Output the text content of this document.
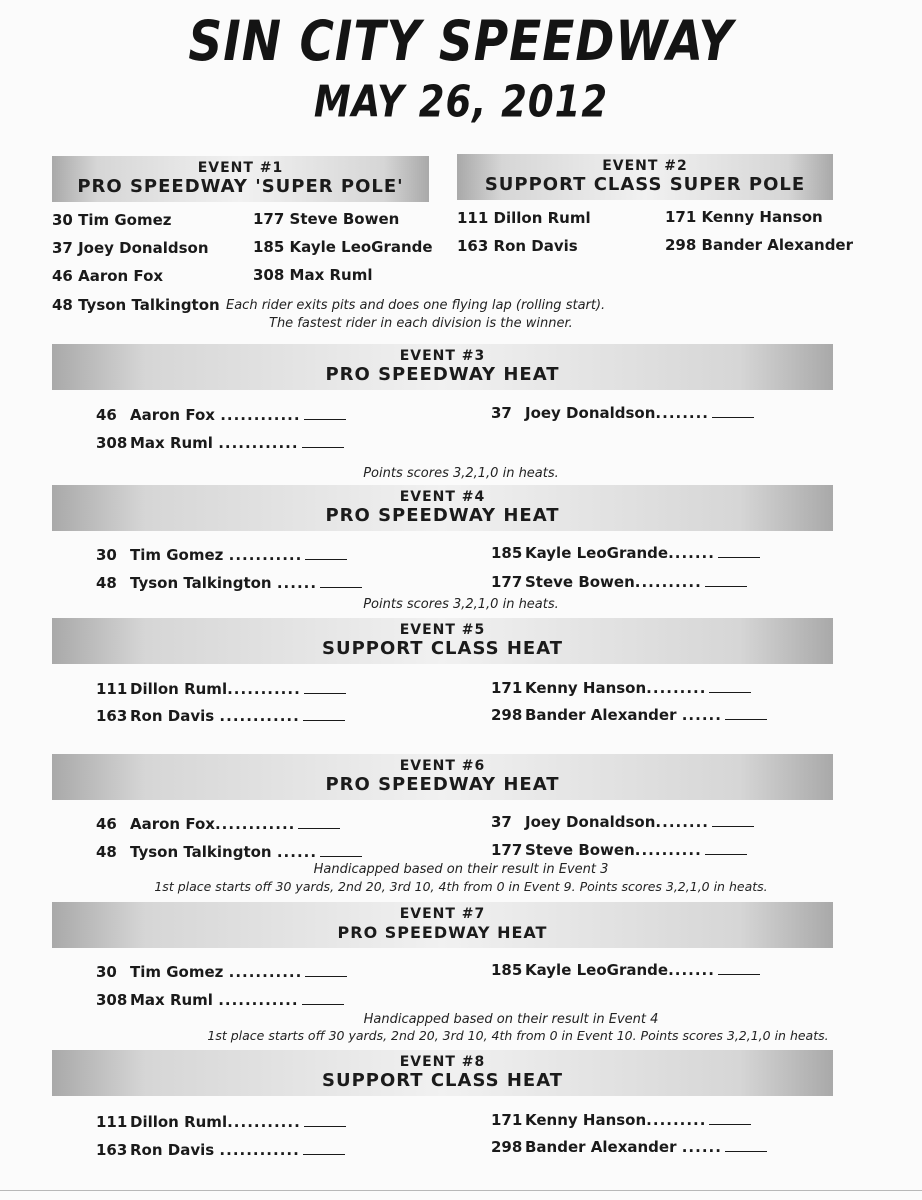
SIN CITY SPEEDWAY
MAY 26, 2012
EVENT #1
PRO SPEEDWAY 'SUPER POLE'
30 Tim Gomez
37 Joey Donaldson
46 Aaron Fox
48 Tyson Talkington
177 Steve Bowen
185 Kayle LeoGrande
308 Max Ruml
EVENT #2
SUPPORT CLASS SUPER POLE
111 Dillon Ruml
163 Ron Davis
171 Kenny Hanson
298 Bander Alexander
Each rider exits pits and does one flying lap (rolling start).
The fastest rider in each division is the winner.
EVENT #3
PRO SPEEDWAY HEAT
46 Aaron Fox ............
308 Max Ruml ............
37 Joey Donaldson........
Points scores 3,2,1,0 in heats.
EVENT #4
PRO SPEEDWAY HEAT
30 Tim Gomez ...........
48 Tyson Talkington ......
185 Kayle LeoGrande.......
177 Steve Bowen..........
Points scores 3,2,1,0 in heats.
EVENT #5
SUPPORT CLASS HEAT
111 Dillon Ruml...........
163 Ron Davis ............
171 Kenny Hanson.........
298 Bander Alexander ......
EVENT #6
PRO SPEEDWAY HEAT
46 Aaron Fox............
48 Tyson Talkington ......
37 Joey Donaldson........
177 Steve Bowen..........
Handicapped based on their result in Event 3
1st place starts off 30 yards, 2nd 20, 3rd 10, 4th from 0 in Event 9. Points scores 3,2,1,0 in heats.
EVENT #7
PRO SPEEDWAY HEAT
30 Tim Gomez ...........
308 Max Ruml ............
185 Kayle LeoGrande.......
Handicapped based on their result in Event 4
1st place starts off 30 yards, 2nd 20, 3rd 10, 4th from 0 in Event 10. Points scores 3,2,1,0 in heats.
EVENT #8
SUPPORT CLASS HEAT
111 Dillon Ruml...........
163 Ron Davis ............
171 Kenny Hanson.........
298 Bander Alexander ......
